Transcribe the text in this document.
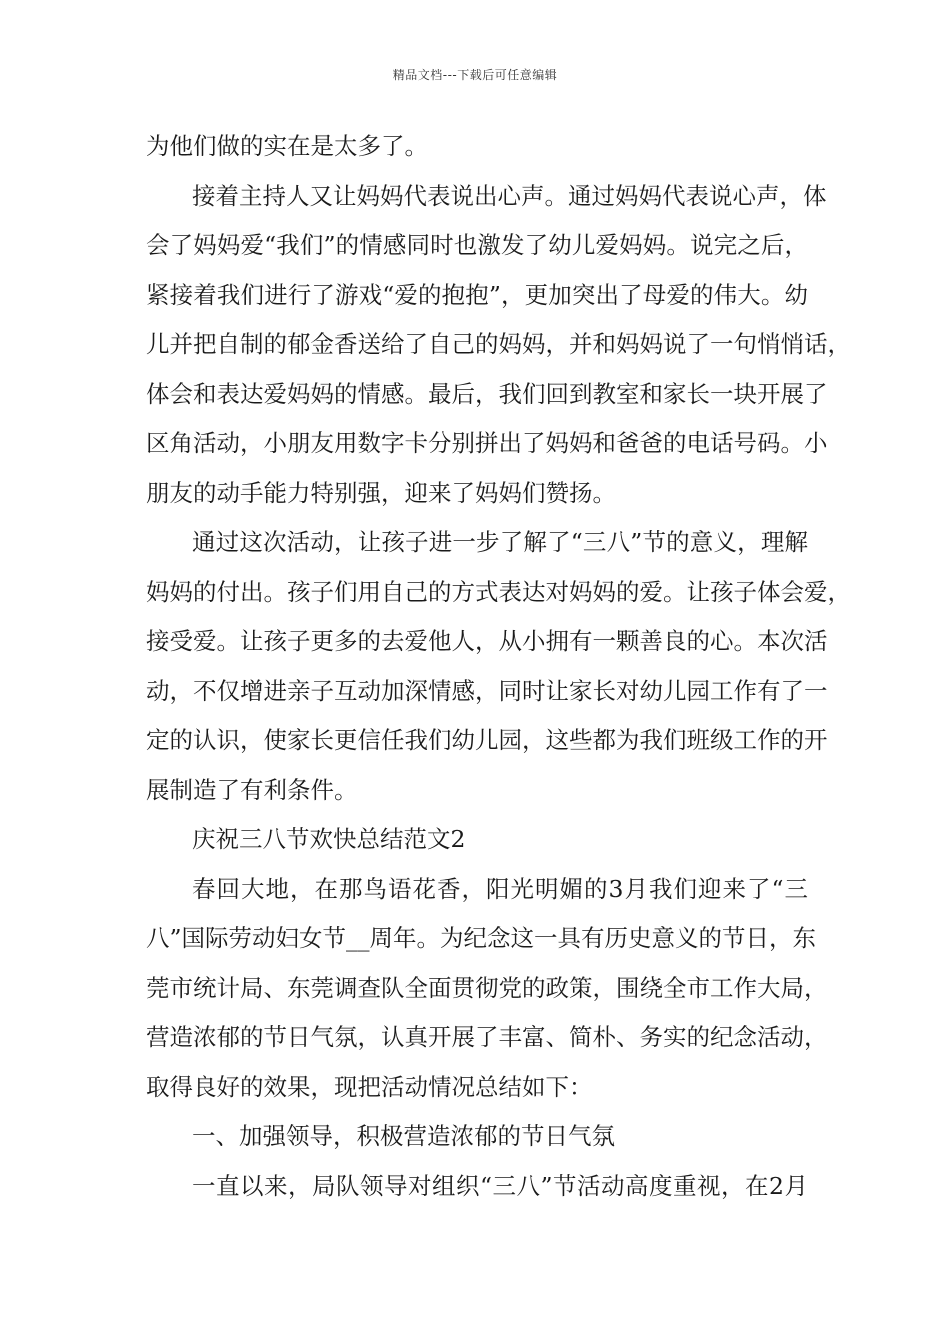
精品文档---下载后可任意编辑
为他们做的实在是太多了。
接着主持人又让妈妈代表说出心声。通过妈妈代表说心声，体
会了妈妈爱“我们”的情感同时也激发了幼儿爱妈妈。说完之后，
紧接着我们进行了游戏“爱的抱抱”，更加突出了母爱的伟大。幼
儿并把自制的郁金香送给了自己的妈妈，并和妈妈说了一句悄悄话，
体会和表达爱妈妈的情感。最后，我们回到教室和家长一块开展了
区角活动，小朋友用数字卡分别拼出了妈妈和爸爸的电话号码。小
朋友的动手能力特别强，迎来了妈妈们赞扬。
通过这次活动，让孩子进一步了解了“三八”节的意义，理解
妈妈的付出。孩子们用自己的方式表达对妈妈的爱。让孩子体会爱，
接受爱。让孩子更多的去爱他人，从小拥有一颗善良的心。本次活
动，不仅增进亲子互动加深情感，同时让家长对幼儿园工作有了一
定的认识，使家长更信任我们幼儿园，这些都为我们班级工作的开
展制造了有利条件。
庆祝三八节欢快总结范文2
春回大地，在那鸟语花香，阳光明媚的3月我们迎来了“三
八”国际劳动妇女节__周年。为纪念这一具有历史意义的节日，东
莞市统计局、东莞调查队全面贯彻党的政策，围绕全市工作大局，
营造浓郁的节日气氛，认真开展了丰富、简朴、务实的纪念活动，
取得良好的效果，现把活动情况总结如下：
一、加强领导，积极营造浓郁的节日气氛
一直以来，局队领导对组织“三八”节活动高度重视，在2月
